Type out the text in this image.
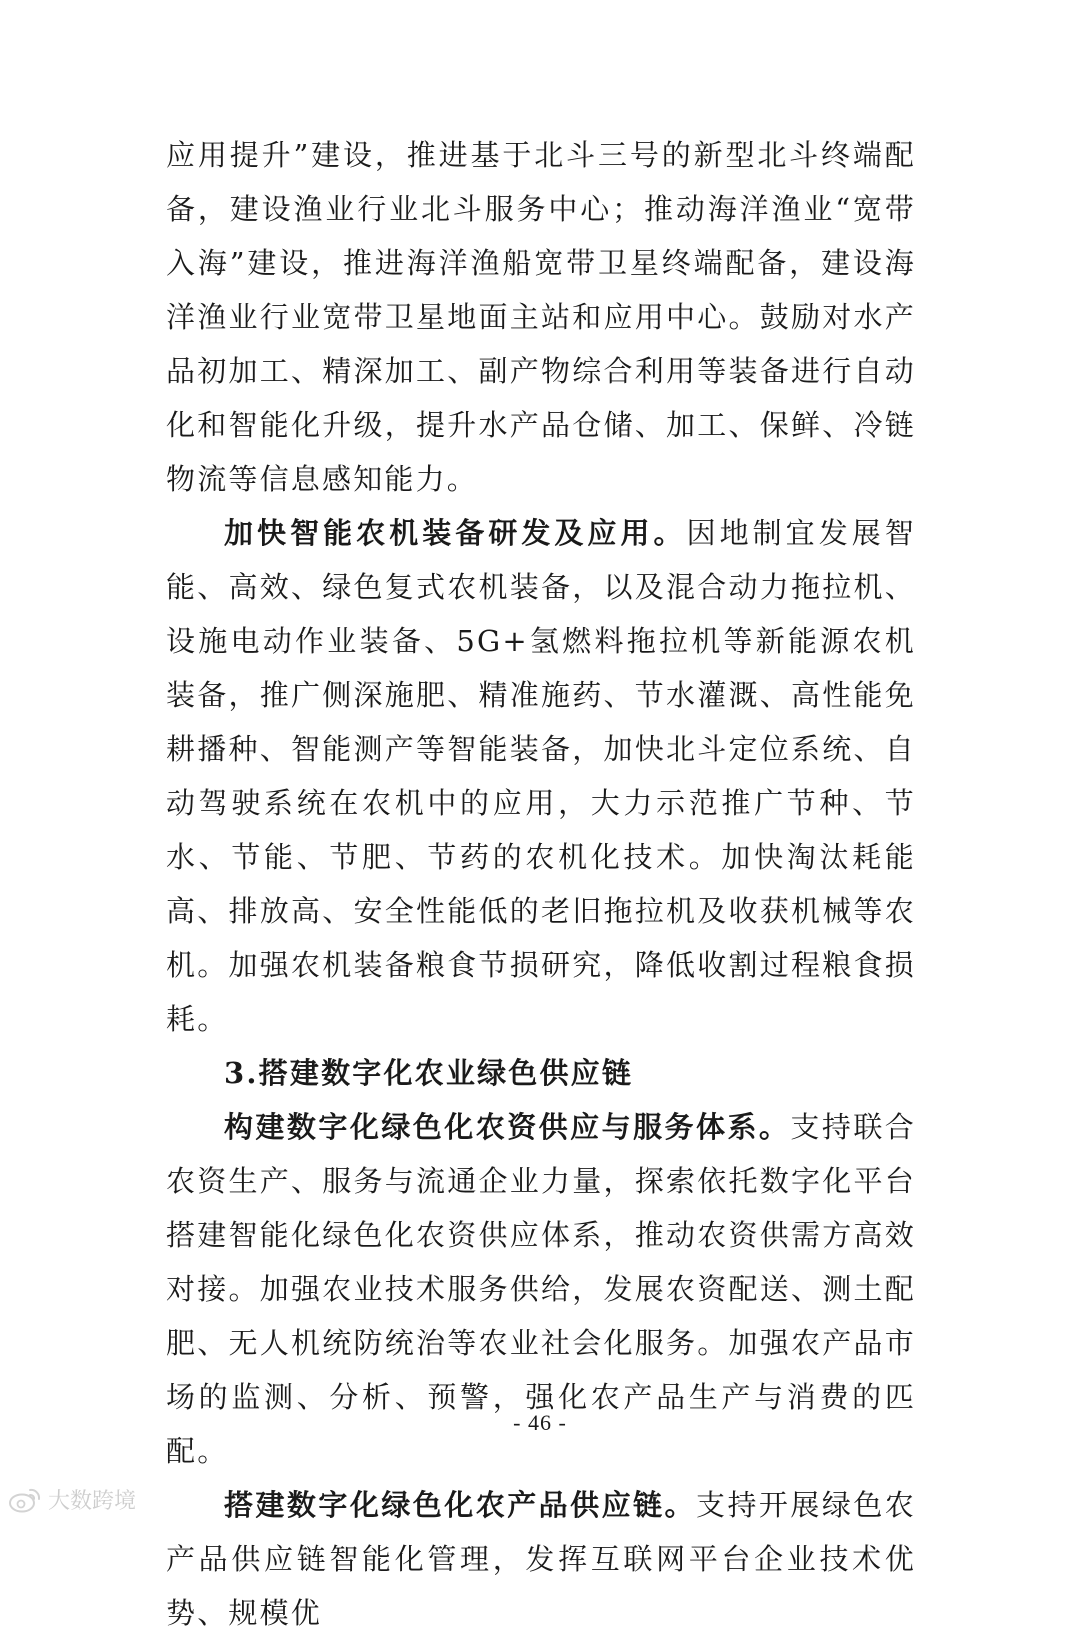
应用提升”建设，推进基于北斗三号的新型北斗终端配备，建设渔业行业北斗服务中心；推动海洋渔业“宽带入海”建设，推进海洋渔船宽带卫星终端配备，建设海洋渔业行业宽带卫星地面主站和应用中心。鼓励对水产品初加工、精深加工、副产物综合利用等装备进行自动化和智能化升级，提升水产品仓储、加工、保鲜、冷链物流等信息感知能力。

加快智能农机装备研发及应用。因地制宜发展智能、高效、绿色复式农机装备，以及混合动力拖拉机、设施电动作业装备、5G+氢燃料拖拉机等新能源农机装备，推广侧深施肥、精准施药、节水灌溉、高性能免耕播种、智能测产等智能装备，加快北斗定位系统、自动驾驶系统在农机中的应用，大力示范推广节种、节水、节能、节肥、节药的农机化技术。加快淘汰耗能高、排放高、安全性能低的老旧拖拉机及收获机械等农机。加强农机装备粮食节损研究，降低收割过程粮食损耗。

3.搭建数字化农业绿色供应链

构建数字化绿色化农资供应与服务体系。支持联合农资生产、服务与流通企业力量，探索依托数字化平台搭建智能化绿色化农资供应体系，推动农资供需方高效对接。加强农业技术服务供给，发展农资配送、测土配肥、无人机统防统治等农业社会化服务。加强农产品市场的监测、分析、预警，强化农产品生产与消费的匹配。

搭建数字化绿色化农产品供应链。支持开展绿色农产品供应链智能化管理，发挥互联网平台企业技术优势、规模优

- 46 -
大数跨境
